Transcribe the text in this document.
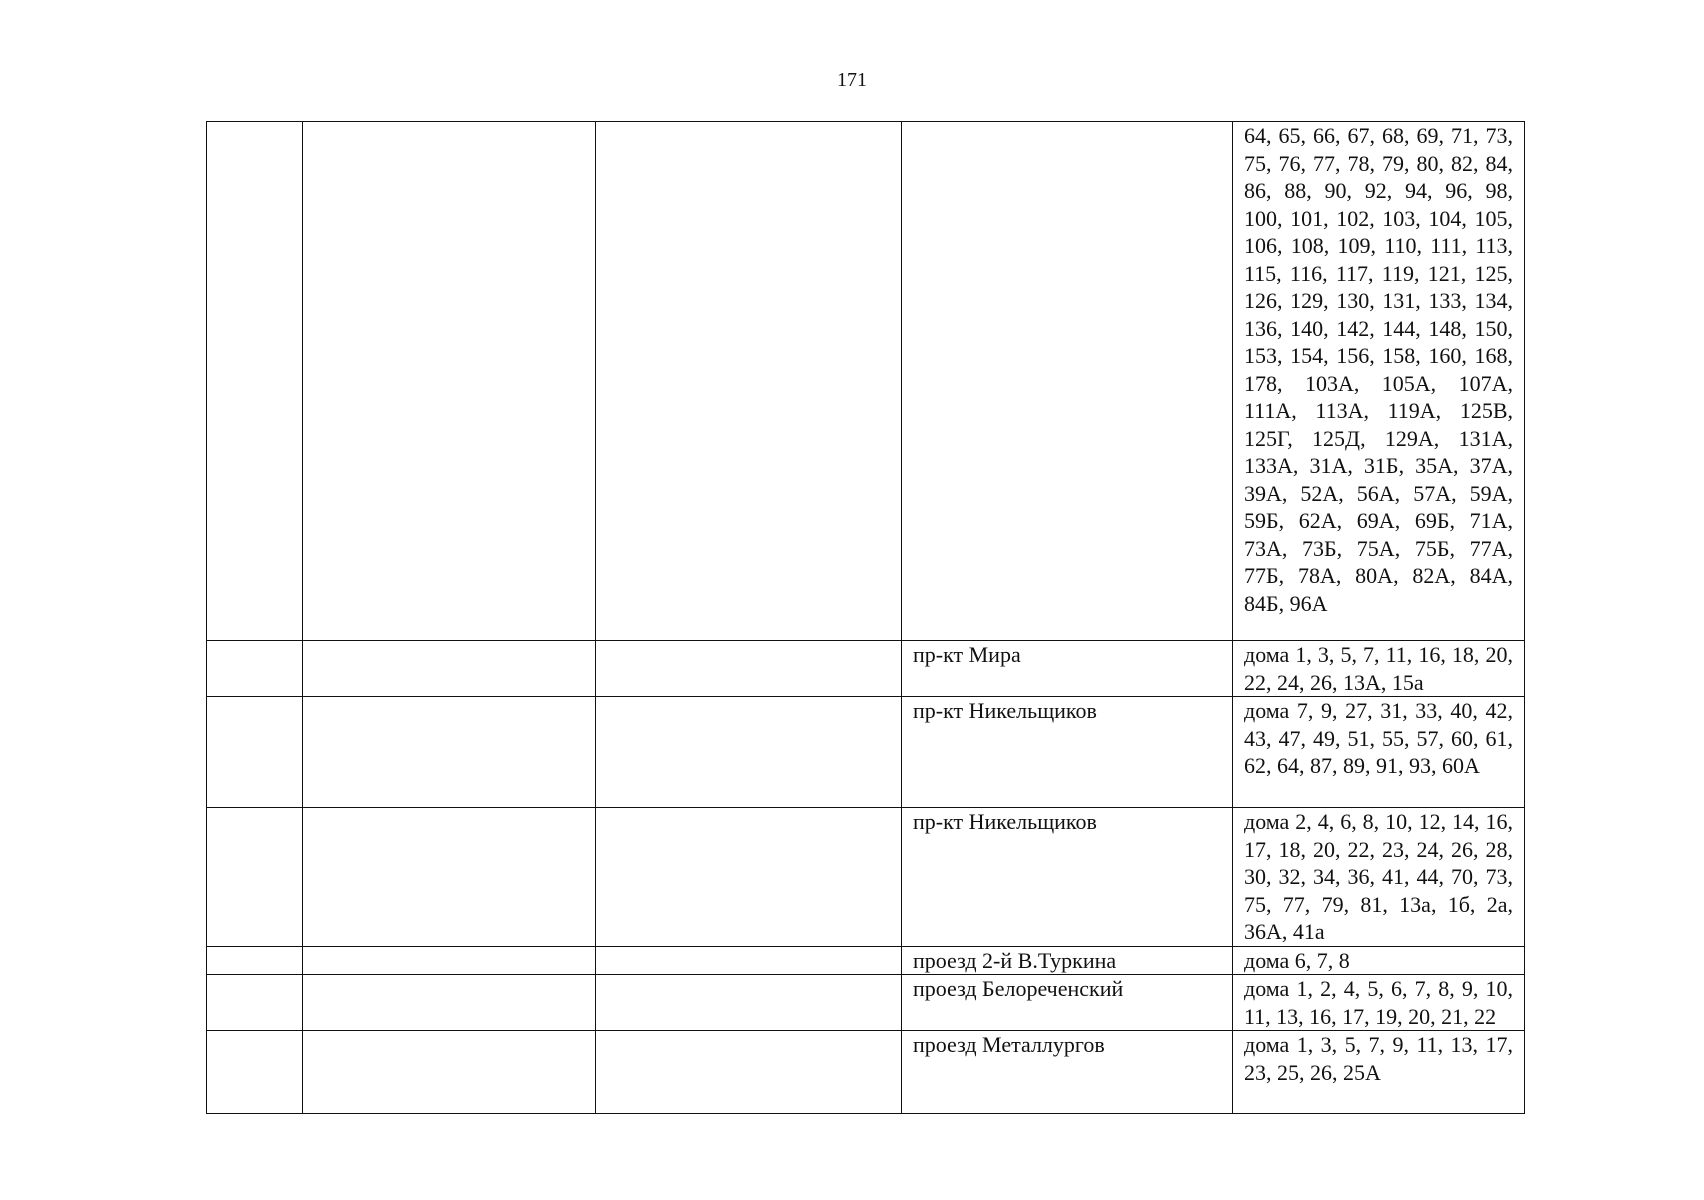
171
				64, 65, 66, 67, 68, 69, 71, 73, 75, 76, 77, 78, 79, 80, 82, 84, 86, 88, 90, 92, 94, 96, 98, 100, 101, 102, 103, 104, 105, 106, 108, 109, 110, 111, 113, 115, 116, 117, 119, 121, 125, 126, 129, 130, 131, 133, 134, 136, 140, 142, 144, 148, 150, 153, 154, 156, 158, 160, 168, 178, 103А, 105А, 107А, 111А, 113А, 119А, 125В, 125Г, 125Д, 129А, 131А, 133А, 31А, 31Б, 35А, 37А, 39А, 52А, 56А, 57А, 59А, 59Б, 62А, 69А, 69Б, 71А, 73А, 73Б, 75А, 75Б, 77А, 77Б, 78А, 80А, 82А, 84А, 84Б, 96А
			пр-кт Мира	дома 1, 3, 5, 7, 11, 16, 18, 20, 22, 24, 26, 13А, 15а
			пр-кт Никельщиков	дома 7, 9, 27, 31, 33, 40, 42, 43, 47, 49, 51, 55, 57, 60, 61, 62, 64, 87, 89, 91, 93, 60А
			пр-кт Никельщиков	дома 2, 4, 6, 8, 10, 12, 14, 16, 17, 18, 20, 22, 23, 24, 26, 28, 30, 32, 34, 36, 41, 44, 70, 73, 75, 77, 79, 81, 13а, 1б, 2а, 36А, 41а
			проезд 2-й В.Туркина	дома 6, 7, 8
			проезд Белореченский	дома 1, 2, 4, 5, 6, 7, 8, 9, 10, 11, 13, 16, 17, 19, 20, 21, 22
			проезд Металлургов	дома 1, 3, 5, 7, 9, 11, 13, 17, 23, 25, 26, 25А
